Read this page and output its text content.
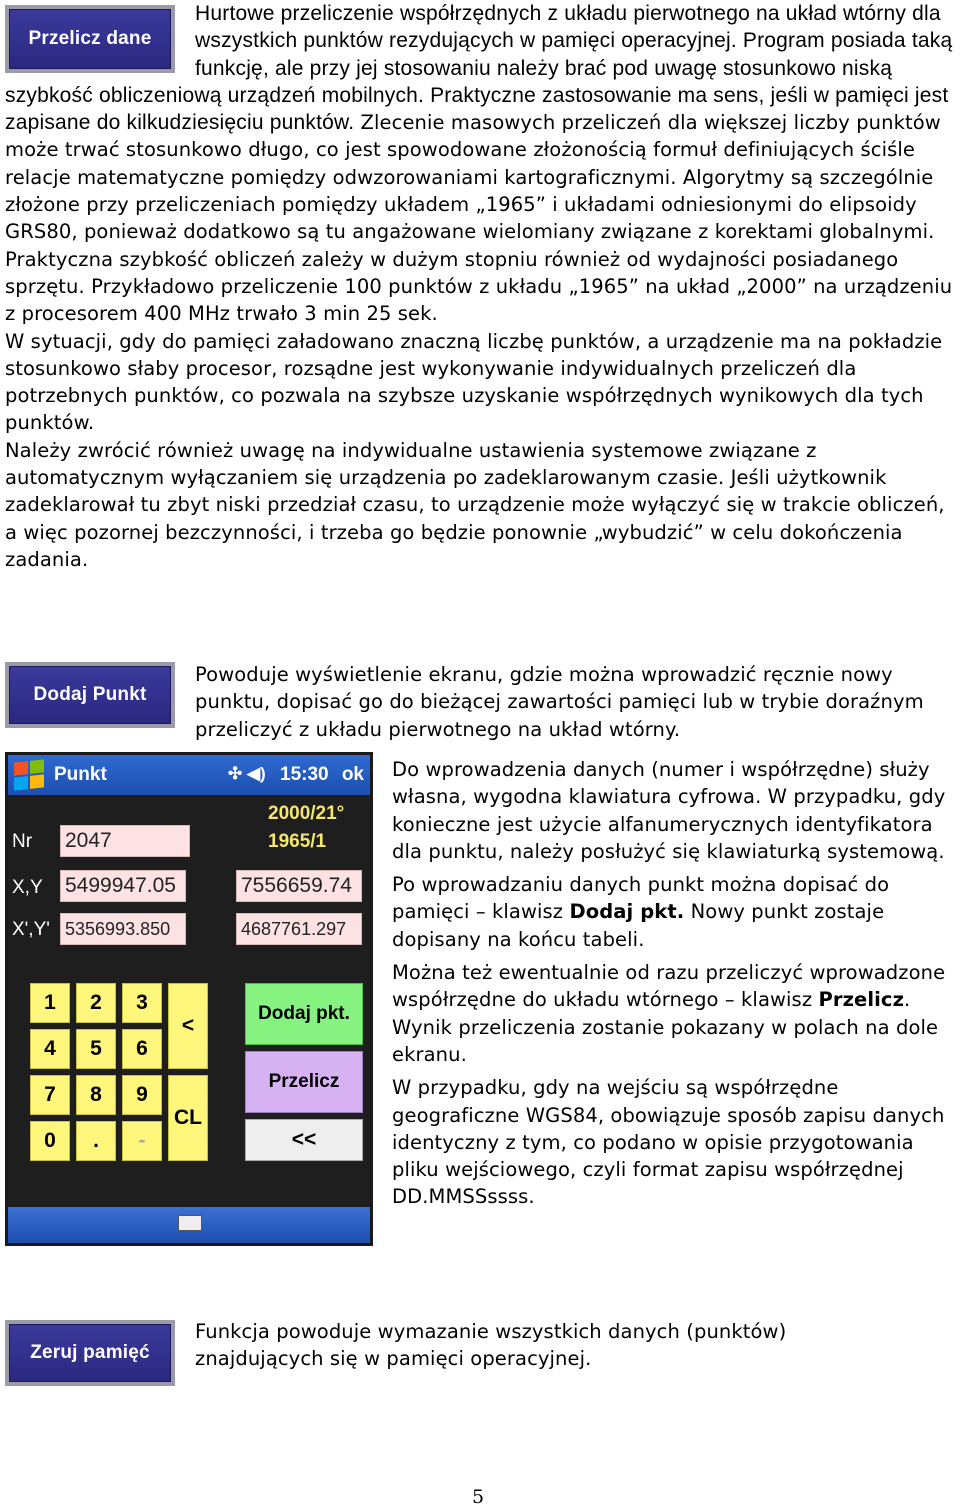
Przelicz dane

Hurtowe przeliczenie współrzędnych z układu pierwotnego na układ wtórny dla wszystkich punktów rezydujących w pamięci operacyjnej. Program posiada taką funkcję, ale przy jej stosowaniu należy brać pod uwagę stosunkowo niską szybkość obliczeniową urządzeń mobilnych. Praktyczne zastosowanie ma sens, jeśli w pamięci jest zapisane do kilkudziesięciu punktów. Zlecenie masowych przeliczeń dla większej liczby punktów może trwać stosunkowo długo, co jest spowodowane złożonością formuł definiujących ściśle relacje matematyczne pomiędzy odwzorowaniami kartograficznymi. Algorytmy są szczególnie złożone przy przeliczeniach pomiędzy układem „1965” i układami odniesionymi do elipsoidy GRS80, ponieważ dodatkowo są tu angażowane wielomiany związane z korektami globalnymi. Praktyczna szybkość obliczeń zależy w dużym stopniu również od wydajności posiadanego sprzętu. Przykładowo przeliczenie 100 punktów z układu „1965” na układ „2000” na urządzeniu z procesorem 400 MHz trwało 3 min 25 sek.

W sytuacji, gdy do pamięci załadowano znaczną liczbę punktów, a urządzenie ma na pokładzie stosunkowo słaby procesor, rozsądne jest wykonywanie indywidualnych przeliczeń dla potrzebnych punktów, co pozwala na szybsze uzyskanie współrzędnych wynikowych dla tych punktów.

Należy zwrócić również uwagę na indywidualne ustawienia systemowe związane z automatycznym wyłączaniem się urządzenia po zadeklarowanym czasie. Jeśli użytkownik zadeklarował tu zbyt niski przedział czasu, to urządzenie może wyłączyć się w trakcie obliczeń, a więc pozornej bezczynności, i trzeba go będzie ponownie „wybudzić” w celu dokończenia zadania.

Dodaj Punkt

Powoduje wyświetlenie ekranu, gdzie można wprowadzić ręcznie nowy punktu, dopisać go do bieżącej zawartości pamięci lub w trybie doraźnym przeliczyć z układu pierwotnego na układ wtórny.

Punkt	✣ ◀) 15:30 ok
2000/21°
1965/1
Nr 2047
X,Y 5499947.05	7556659.74
X',Y' 5356993.850	4687761.297
1	2	3
4	5	6
7	8	9
0	.	-
<
CL
Dodaj pkt.
Przelicz
<<

Do wprowadzenia danych (numer i współrzędne) służy własna, wygodna klawiatura cyfrowa. W przypadku, gdy konieczne jest użycie alfanumerycznych identyfikatora dla punktu, należy posłużyć się klawiaturką systemową.

Po wprowadzaniu danych punkt można dopisać do pamięci – klawisz Dodaj pkt. Nowy punkt zostaje dopisany na końcu tabeli.

Można też ewentualnie od razu przeliczyć wprowadzone współrzędne do układu wtórnego – klawisz Przelicz. Wynik przeliczenia zostanie pokazany w polach na dole ekranu.

W przypadku, gdy na wejściu są współrzędne geograficzne WGS84, obowiązuje sposób zapisu danych identyczny z tym, co podano w opisie przygotowania pliku wejściowego, czyli format zapisu współrzędnej DD.MMSSssss.

Zeruj pamięć

Funkcja powoduje wymazanie wszystkich danych (punktów) znajdujących się w pamięci operacyjnej.

5
